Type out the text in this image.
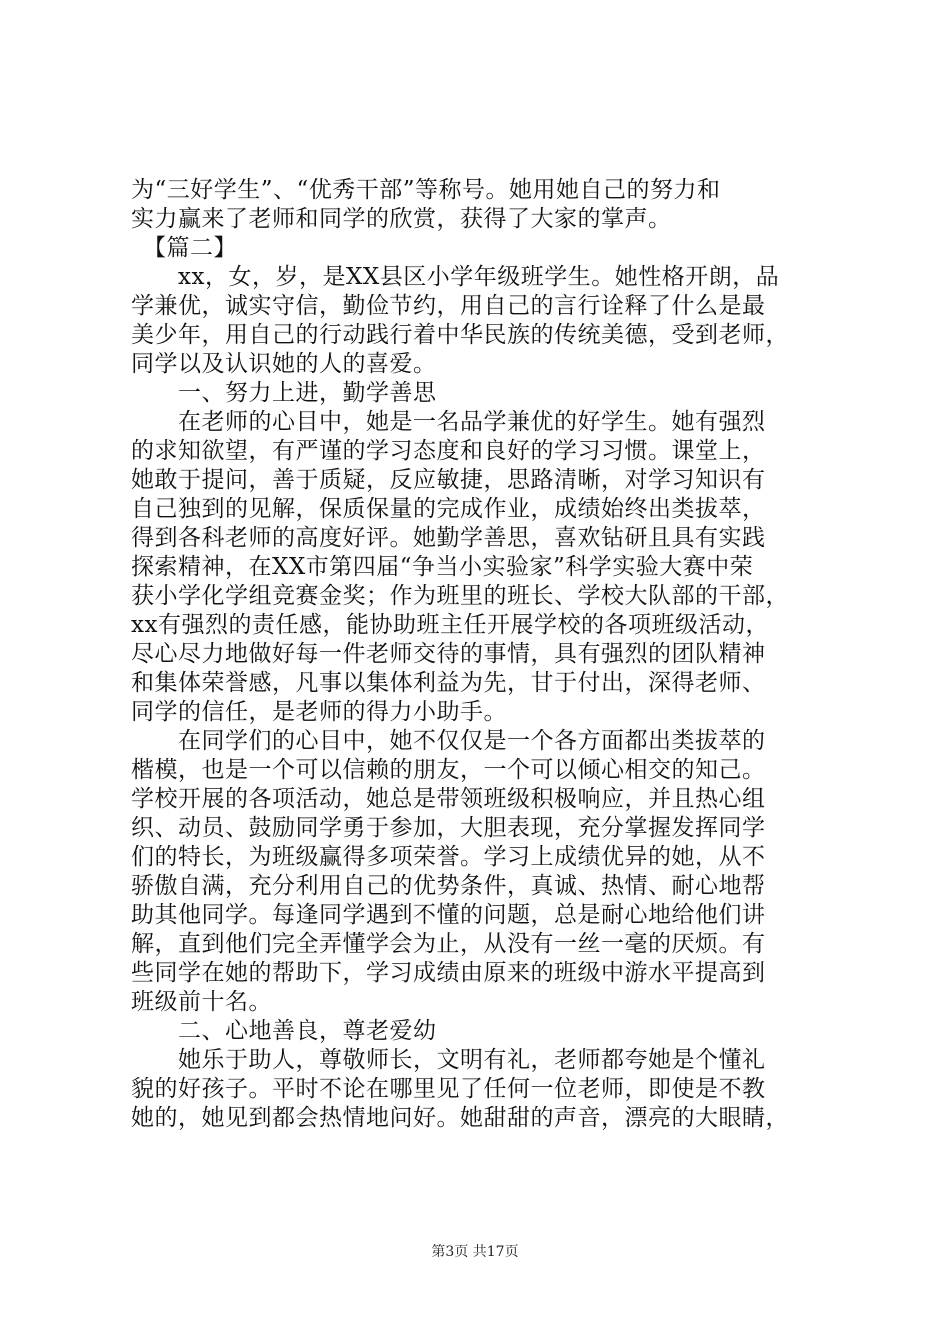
为“三好学生”、“优秀干部”等称号。她用她自己的努力和
实力赢来了老师和同学的欣赏，获得了大家的掌声。
　【篇二】
　　xx，女，岁，是XX县区小学年级班学生。她性格开朗，品
学兼优，诚实守信，勤俭节约，用自己的言行诠释了什么是最
美少年，用自己的行动践行着中华民族的传统美德，受到老师，
同学以及认识她的人的喜爱。
　　一、努力上进，勤学善思
　　在老师的心目中，她是一名品学兼优的好学生。她有强烈
的求知欲望，有严谨的学习态度和良好的学习习惯。课堂上，
她敢于提问，善于质疑，反应敏捷，思路清晰，对学习知识有
自己独到的见解，保质保量的完成作业，成绩始终出类拔萃，
得到各科老师的高度好评。她勤学善思，喜欢钻研且具有实践
探索精神，在XX市第四届“争当小实验家”科学实验大赛中荣
获小学化学组竞赛金奖；作为班里的班长、学校大队部的干部，
xx有强烈的责任感，能协助班主任开展学校的各项班级活动，
尽心尽力地做好每一件老师交待的事情，具有强烈的团队精神
和集体荣誉感，凡事以集体利益为先，甘于付出，深得老师、
同学的信任，是老师的得力小助手。
　　在同学们的心目中，她不仅仅是一个各方面都出类拔萃的
楷模，也是一个可以信赖的朋友，一个可以倾心相交的知己。
学校开展的各项活动，她总是带领班级积极响应，并且热心组
织、动员、鼓励同学勇于参加，大胆表现，充分掌握发挥同学
们的特长，为班级赢得多项荣誉。学习上成绩优异的她，从不
骄傲自满，充分利用自己的优势条件，真诚、热情、耐心地帮
助其他同学。每逢同学遇到不懂的问题，总是耐心地给他们讲
解，直到他们完全弄懂学会为止，从没有一丝一毫的厌烦。有
些同学在她的帮助下，学习成绩由原来的班级中游水平提高到
班级前十名。
　　二、心地善良，尊老爱幼
　　她乐于助人，尊敬师长，文明有礼，老师都夸她是个懂礼
貌的好孩子。平时不论在哪里见了任何一位老师，即使是不教
她的，她见到都会热情地问好。她甜甜的声音，漂亮的大眼睛，
第3页 共17页
